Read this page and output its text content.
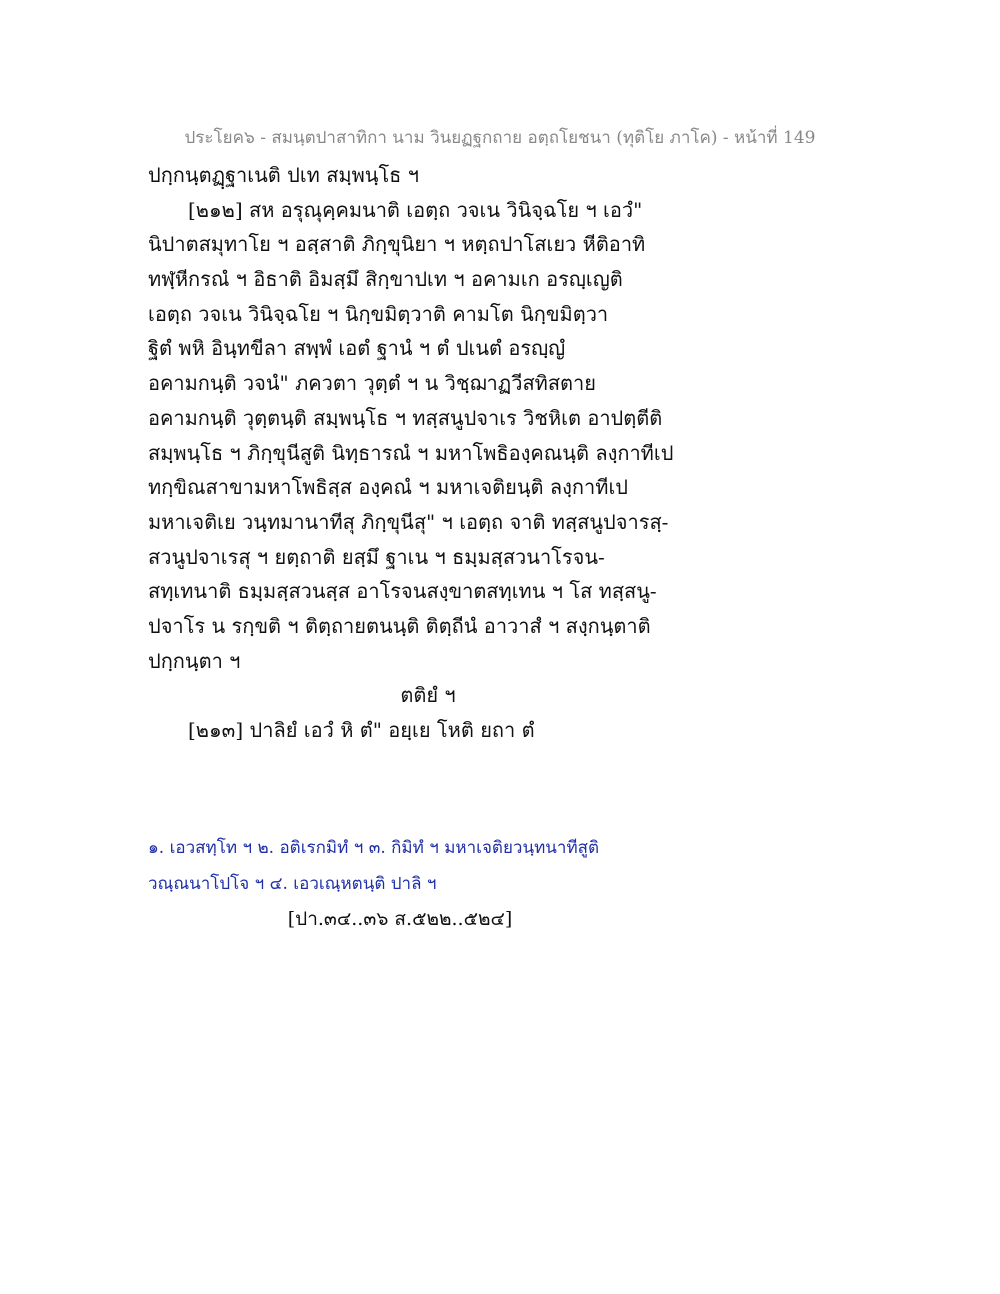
ประโยค๖ - สมนฺตปาสาทิกา นาม วินยฏฐกถาย อตฺถโยชนา (ทุติโย ภาโค) - หน้าที่ 149
ปกฺกนฺตฏฺฐาเนติ ปเท สมฺพนฺโธ ฯ
[๒๑๒] สห อรุณุคฺคมนาติ เอตฺถ วจเน วินิจฺฉโย ฯ เอวํ"
นิปาตสมุทาโย ฯ อสฺสาติ ภิกฺขุนิยา ฯ หตฺถปาโสเยว หีติอาทิ
ทฬฺหีกรณํ ฯ อิธาติ อิมสฺมึ สิกฺขาปเท ฯ อคามเก อรญฺเญติ
เอตฺถ วจเน วินิจฺฉโย ฯ นิกฺขมิตฺวาติ คามโต นิกฺขมิตฺวา
ฐิตํ พหิ อินฺทขีลา สพฺพํ เอตํ ฐานํ ฯ ตํ ปเนตํ อรญฺญํ
อคามกนฺติ วจนํ" ภควตา วุตฺตํ ฯ น วิชฺฌาฏวีสทิสตาย
อคามกนฺติ วุตฺตนฺติ สมฺพนฺโธ ฯ ทสฺสนูปจาเร วิชหิเต อาปตฺตีติ
สมฺพนฺโธ ฯ ภิกฺขุนีสูติ นิทฺธารณํ ฯ มหาโพธิองฺคณนฺติ ลงฺกาทีเป
ทกฺขิณสาขามหาโพธิสฺส องฺคณํ ฯ มหาเจติยนฺติ ลงฺกาทีเป
มหาเจติเย วนฺทมานาทีสุ ภิกฺขุนีสุ" ฯ เอตฺถ จาติ ทสฺสนูปจารสฺ-
สวนูปจาเรสุ ฯ ยตฺถาติ ยสฺมึ ฐาเน ฯ ธมฺมสฺสวนาโรจน-
สทฺเทนาติ ธมฺมสฺสวนสฺส อาโรจนสงฺขาตสทฺเทน ฯ โส ทสฺสนู-
ปจาโร น รกฺขติ ฯ ติตฺถายตนนฺติ ติตฺถีนํ อาวาสํ ฯ สงฺกนฺตาติ
ปกฺกนฺตา ฯ
ตติยํ ฯ
[๒๑๓] ปาลิยํ เอวํ หิ ตํ" อยฺเย โหติ ยถา ตํ
๑. เอวสทฺโท ฯ ๒. อติเรกมิทํ ฯ ๓. กิมิทํ ฯ มหาเจติยวนฺทนาทีสูติ
วณฺณนาโปโจ ฯ ๔. เอวเณฺหตนฺติ ปาลิ ฯ
[ปา.๓๔..๓๖ ส.๕๒๒..๕๒๔]
